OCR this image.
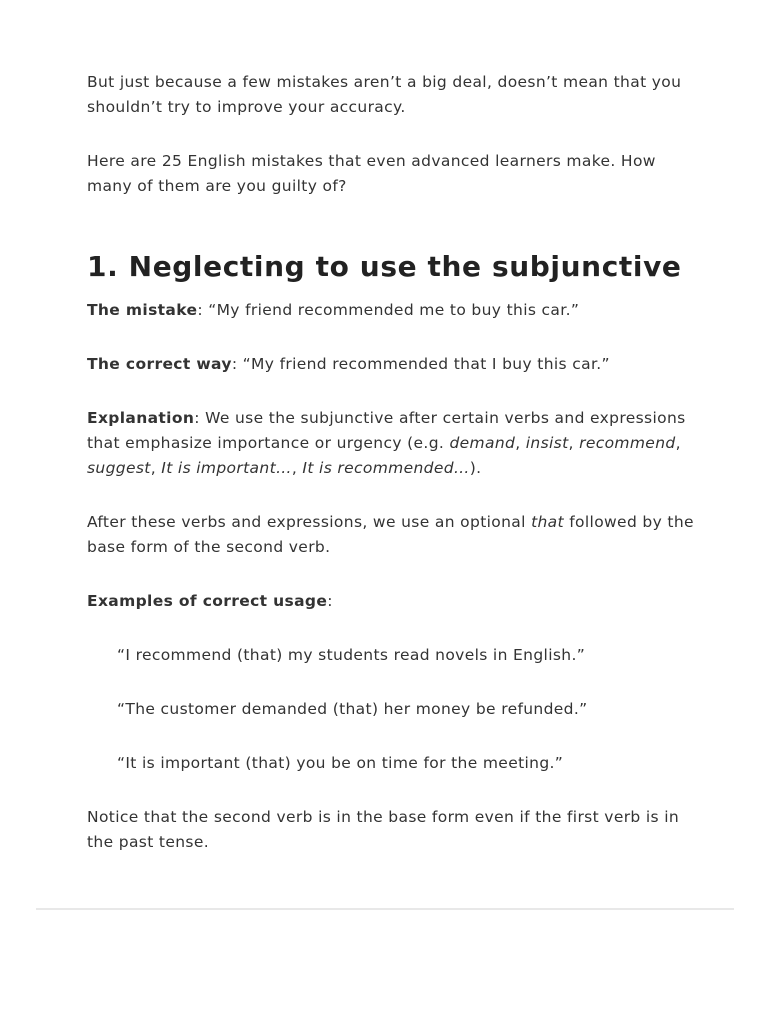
But just because a few mistakes aren’t a big deal, doesn’t mean that you shouldn’t try to improve your accuracy.

Here are 25 English mistakes that even advanced learners make. How many of them are you guilty of?

1. Neglecting to use the subjunctive

The mistake: “My friend recommended me to buy this car.”

The correct way: “My friend recommended that I buy this car.”

Explanation: We use the subjunctive after certain verbs and expressions that emphasize importance or urgency (e.g. demand, insist, recommend, suggest, It is important…, It is recommended…).

After these verbs and expressions, we use an optional that followed by the base form of the second verb.

Examples of correct usage:

“I recommend (that) my students read novels in English.”

“The customer demanded (that) her money be refunded.”

“It is important (that) you be on time for the meeting.”

Notice that the second verb is in the base form even if the first verb is in the past tense.
